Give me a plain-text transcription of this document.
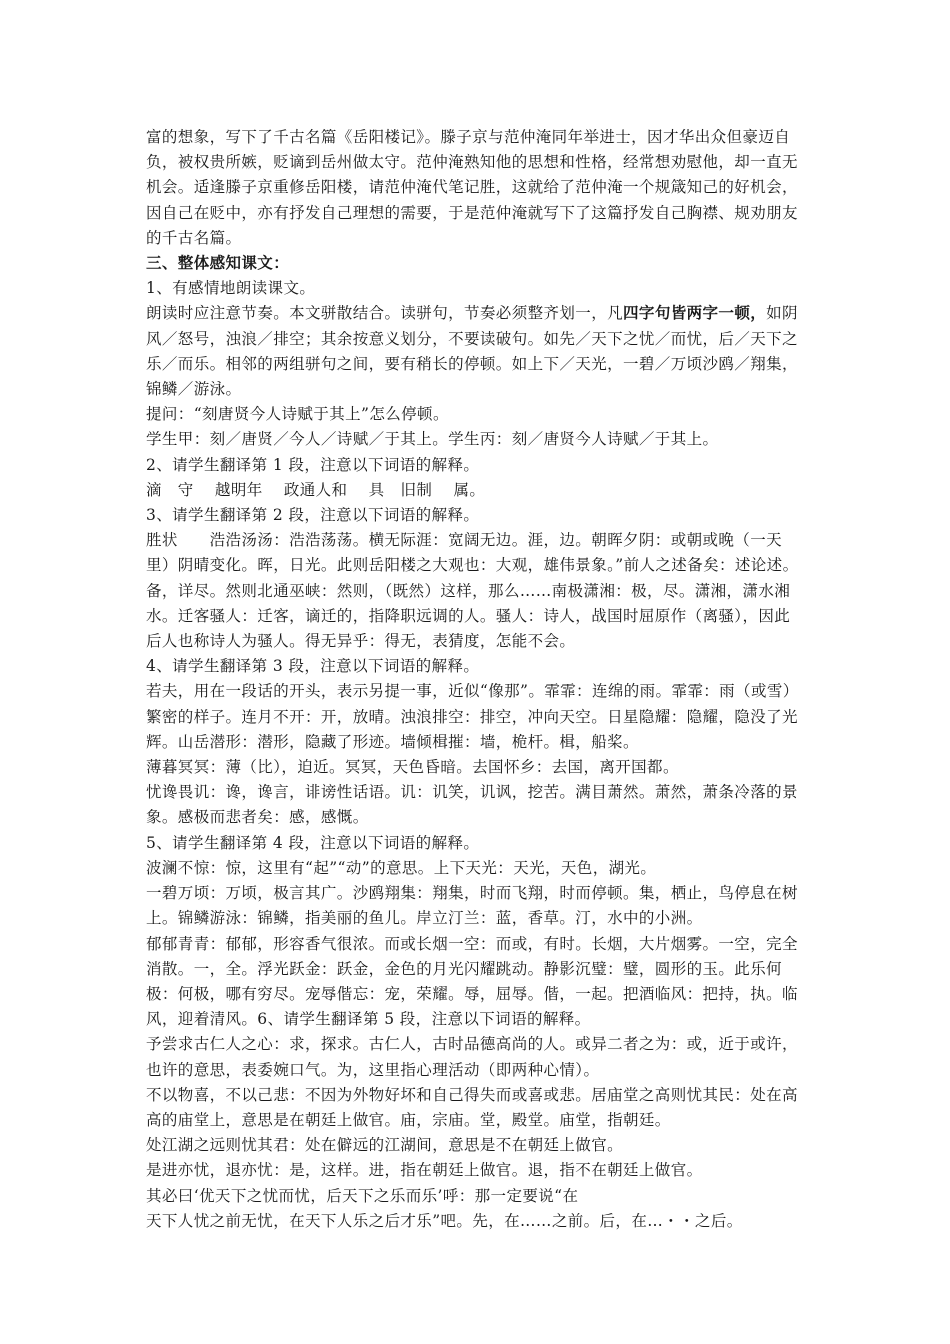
富的想象，写下了千古名篇《岳阳楼记》。滕子京与范仲淹同年举进士，因才华出众但豪迈自负，被权贵所嫉，贬谪到岳州做太守。范仲淹熟知他的思想和性格，经常想劝慰他，却一直无机会。适逢滕子京重修岳阳楼，请范仲淹代笔记胜，这就给了范仲淹一个规箴知己的好机会，因自己在贬中，亦有抒发自己理想的需要，于是范仲淹就写下了这篇抒发自己胸襟、规劝朋友的千古名篇。

三、整体感知课文：

1、有感情地朗读课文。

朗读时应注意节奏。本文骈散结合。读骈句，节奏必须整齐划一，凡四字句皆两字一顿，如阴风／怒号，浊浪／排空；其余按意义划分，不要读破句。如先／天下之忧／而忧，后／天下之乐／而乐。相邻的两组骈句之间，要有稍长的停顿。如上下／天光，一碧／万顷沙鸥／翔集，锦鳞／游泳。

提问：“刻唐贤今人诗赋于其上”怎么停顿。

学生甲：刻／唐贤／今人／诗赋／于其上。学生丙：刻／唐贤今人诗赋／于其上。

2、请学生翻译第 1 段，注意以下词语的解释。

滴　守　 越明年　 政通人和　 具　旧制　 属。

3、请学生翻译第 2 段，注意以下词语的解释。

胜状　　浩浩汤汤：浩浩荡荡。横无际涯：宽阔无边。涯，边。朝晖夕阴：或朝或晚（一天里）阴晴变化。晖，日光。此则岳阳楼之大观也：大观，雄伟景象。”前人之述备矣：述论述。备，详尽。然则北通巫峡：然则，（既然）这样，那么……南极潇湘：极，尽。潇湘，潇水湘水。迁客骚人：迁客，谪迁的，指降职远调的人。骚人：诗人，战国时屈原作（离骚），因此后人也称诗人为骚人。得无异乎：得无，表猜度，怎能不会。

4、请学生翻译第 3 段，注意以下词语的解释。

若夫，用在一段话的开头，表示另提一事，近似“像那”。霏霏：连绵的雨。霏霏：雨（或雪）繁密的样子。连月不开：开，放晴。浊浪排空：排空，冲向天空。日星隐耀：隐耀，隐没了光辉。山岳潜形：潜形，隐藏了形迹。墙倾楫摧：墙，桅杆。楫，船桨。

薄暮冥冥：薄（比），迫近。冥冥，天色昏暗。去国怀乡：去国，离开国都。

忧谗畏讥：谗，谗言，诽谤性话语。讥：讥笑，讥讽，挖苦。满目萧然。萧然，萧条冷落的景象。感极而悲者矣：感，感慨。

5、请学生翻译第 4 段，注意以下词语的解释。

波澜不惊：惊，这里有“起”“动”的意思。上下天光：天光，天色，湖光。

一碧万顷：万顷，极言其广。沙鸥翔集：翔集，时而飞翔，时而停顿。集，栖止，鸟停息在树上。锦鳞游泳：锦鳞，指美丽的鱼儿。岸立汀兰：蓝，香草。汀，水中的小洲。

郁郁青青：郁郁，形容香气很浓。而或长烟一空：而或，有时。长烟，大片烟雾。一空，完全消散。一，全。浮光跃金：跃金，金色的月光闪耀跳动。静影沉璧：璧，圆形的玉。此乐何极：何极，哪有穷尽。宠辱偕忘：宠，荣耀。辱，屈辱。偕，一起。把酒临风：把持，执。临风，迎着清风。6、请学生翻译第 5 段，注意以下词语的解释。

予尝求古仁人之心：求，探求。古仁人，古时品德高尚的人。或异二者之为：或，近于或许，也许的意思，表委婉口气。为，这里指心理活动（即两种心情）。

不以物喜，不以己悲：不因为外物好坏和自己得失而或喜或悲。居庙堂之高则忧其民：处在高高的庙堂上，意思是在朝廷上做官。庙，宗庙。堂，殿堂。庙堂，指朝廷。

处江湖之远则忧其君：处在僻远的江湖间，意思是不在朝廷上做官。

是进亦忧，退亦忧：是，这样。进，指在朝廷上做官。退，指不在朝廷上做官。

其必曰‘优天下之忧而忧，后天下之乐而乐’呼：那一定要说“在

天下人忧之前无忧，在天下人乐之后才乐”吧。先，在……之前。后，在…・・之后。
